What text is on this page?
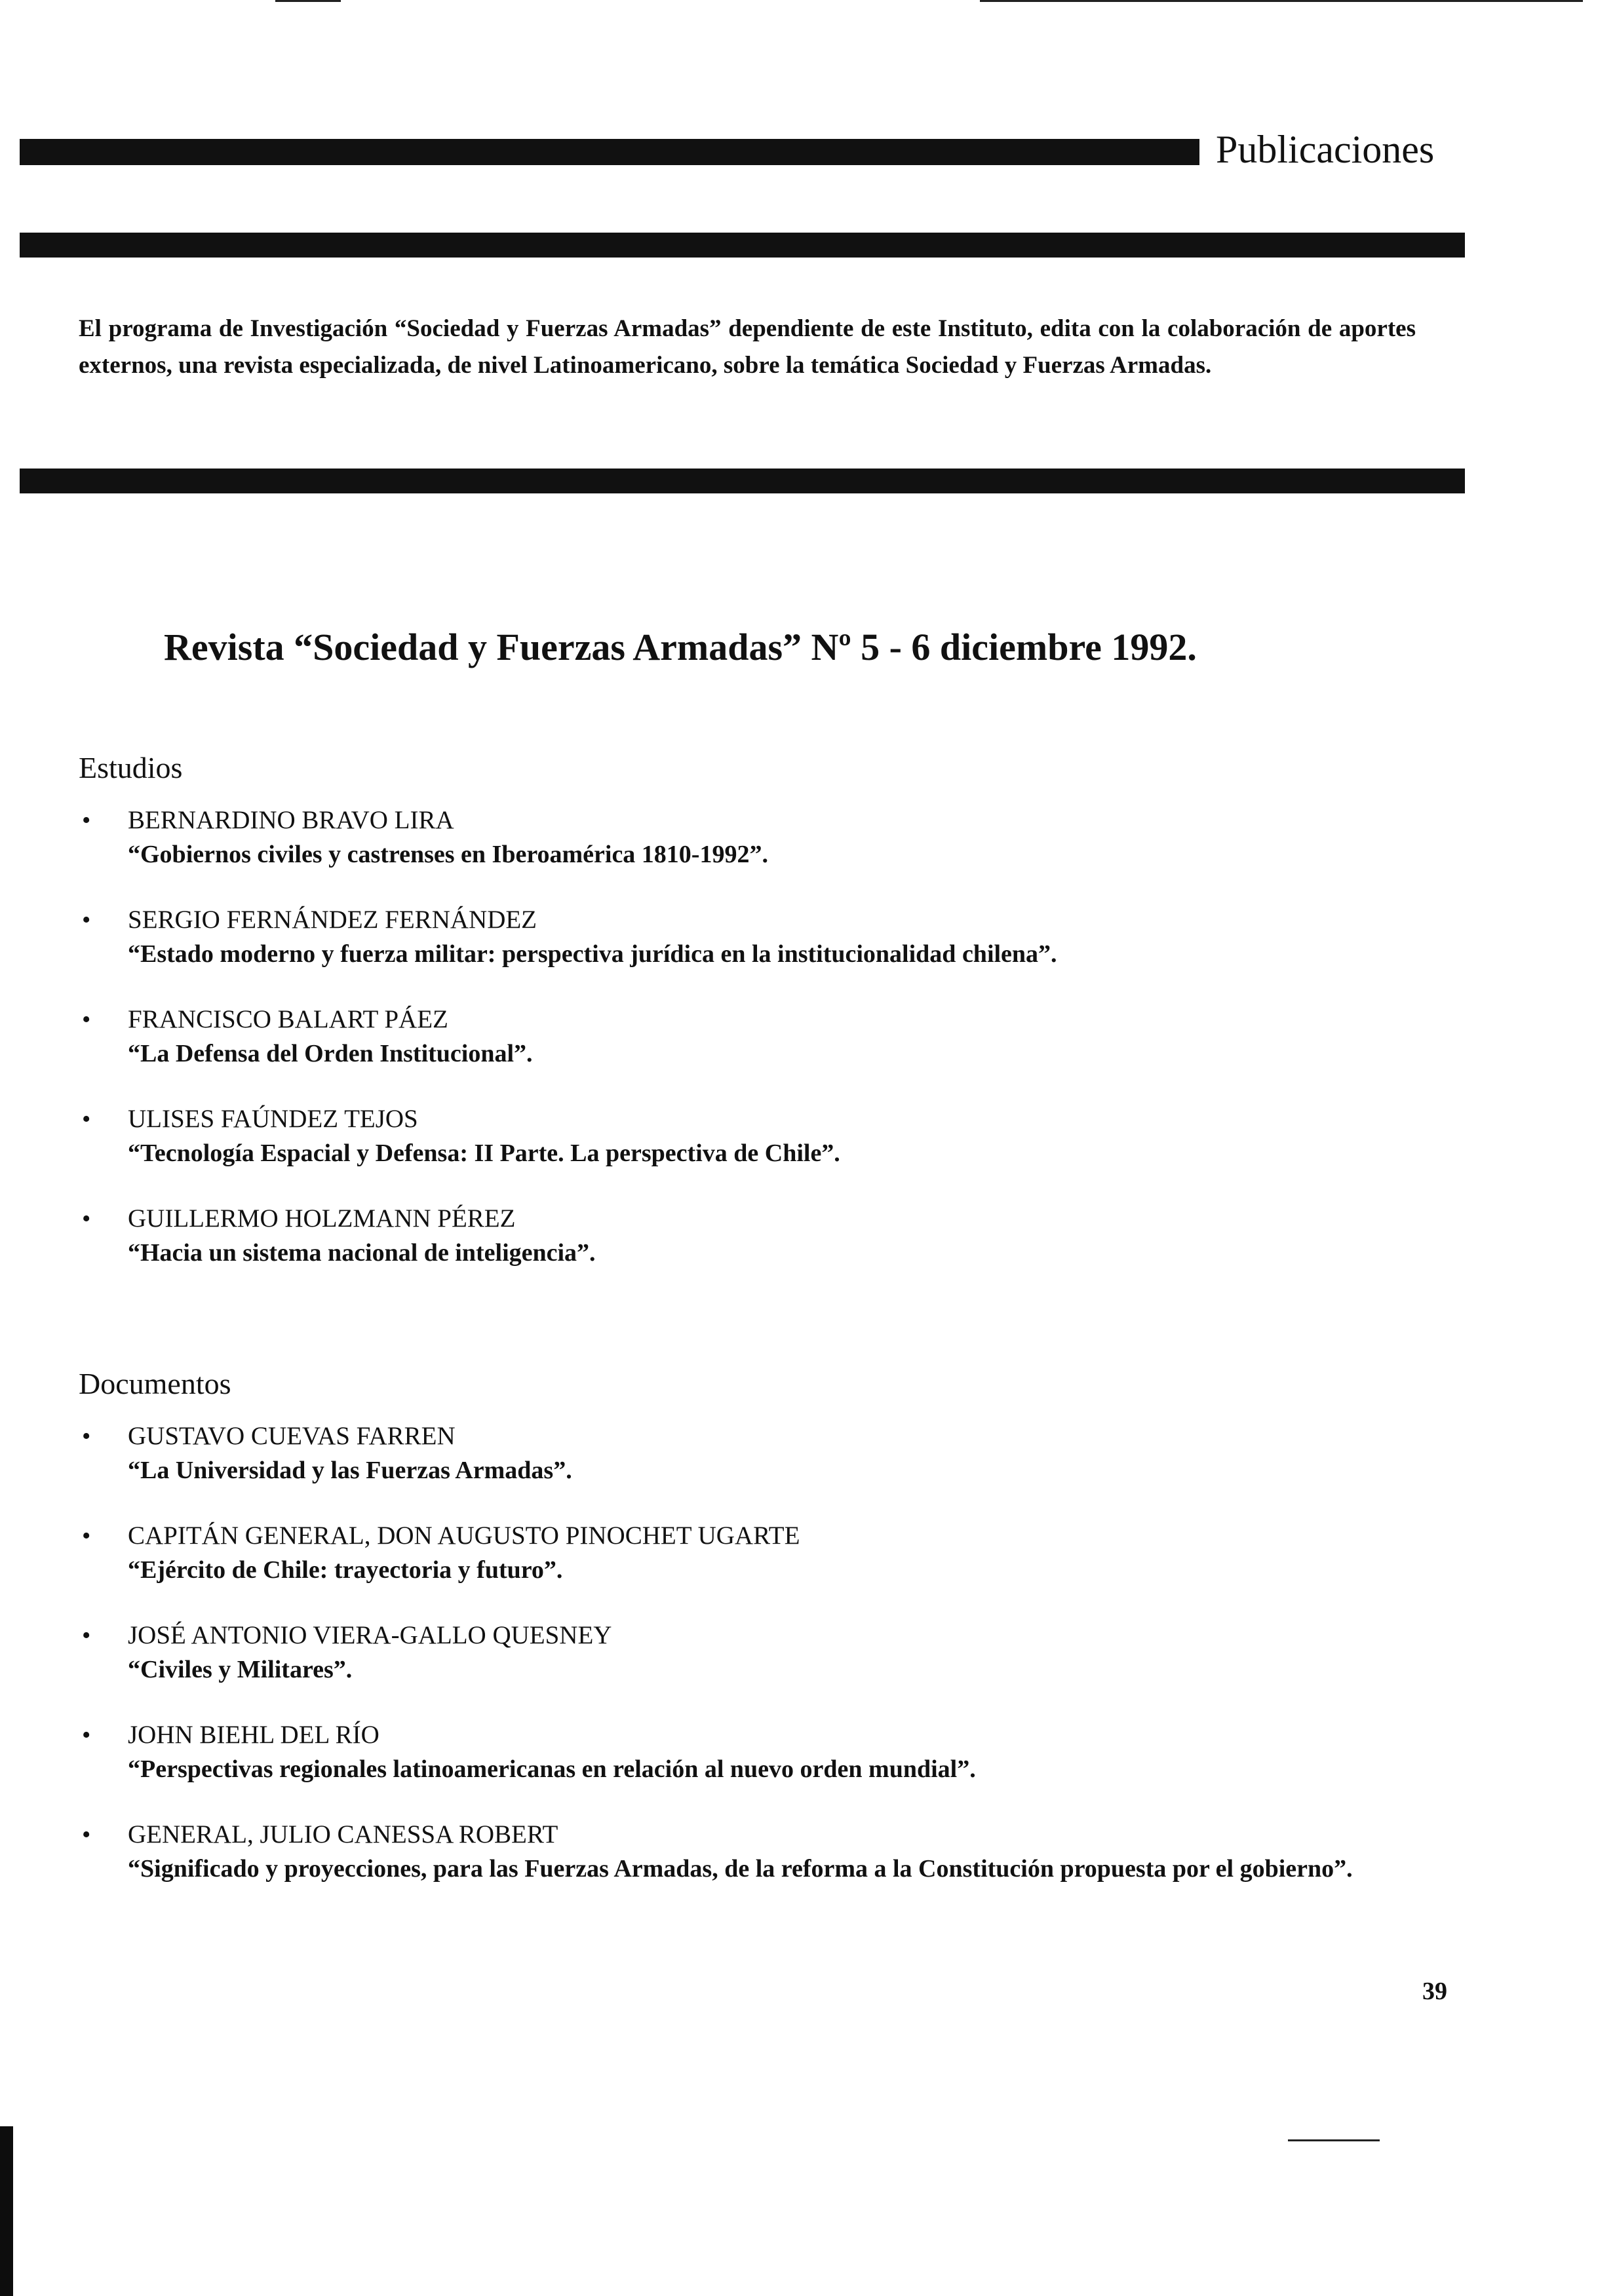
Publicaciones

El programa de Investigación “Sociedad y Fuerzas Armadas” dependiente de este Instituto, edita con la colaboración de aportes externos, una revista especializada, de nivel Latinoamericano, sobre la temática Sociedad y Fuerzas Armadas.

Revista “Sociedad y Fuerzas Armadas” Nº 5 - 6 diciembre 1992.
Estudios
• BERNARDINO BRAVO LIRA
“Gobiernos civiles y castrenses en Iberoamérica 1810-1992”.
• SERGIO FERNÁNDEZ FERNÁNDEZ
“Estado moderno y fuerza militar: perspectiva jurídica en la institucionalidad chilena”.
• FRANCISCO BALART PÁEZ
“La Defensa del Orden Institucional”.
• ULISES FAÚNDEZ TEJOS
“Tecnología Espacial y Defensa: II Parte. La perspectiva de Chile”.
• GUILLERMO HOLZMANN PÉREZ
“Hacia un sistema nacional de inteligencia”.
Documentos
• GUSTAVO CUEVAS FARREN
“La Universidad y las Fuerzas Armadas”.
• CAPITÁN GENERAL, DON AUGUSTO PINOCHET UGARTE
“Ejército de Chile: trayectoria y futuro”.
• JOSÉ ANTONIO VIERA-GALLO QUESNEY
“Civiles y Militares”.
• JOHN BIEHL DEL RÍO
“Perspectivas regionales latinoamericanas en relación al nuevo orden mundial”.
• GENERAL, JULIO CANESSA ROBERT
“Significado y proyecciones, para las Fuerzas Armadas, de la reforma a la Constitución propuesta por el gobierno”.
39
